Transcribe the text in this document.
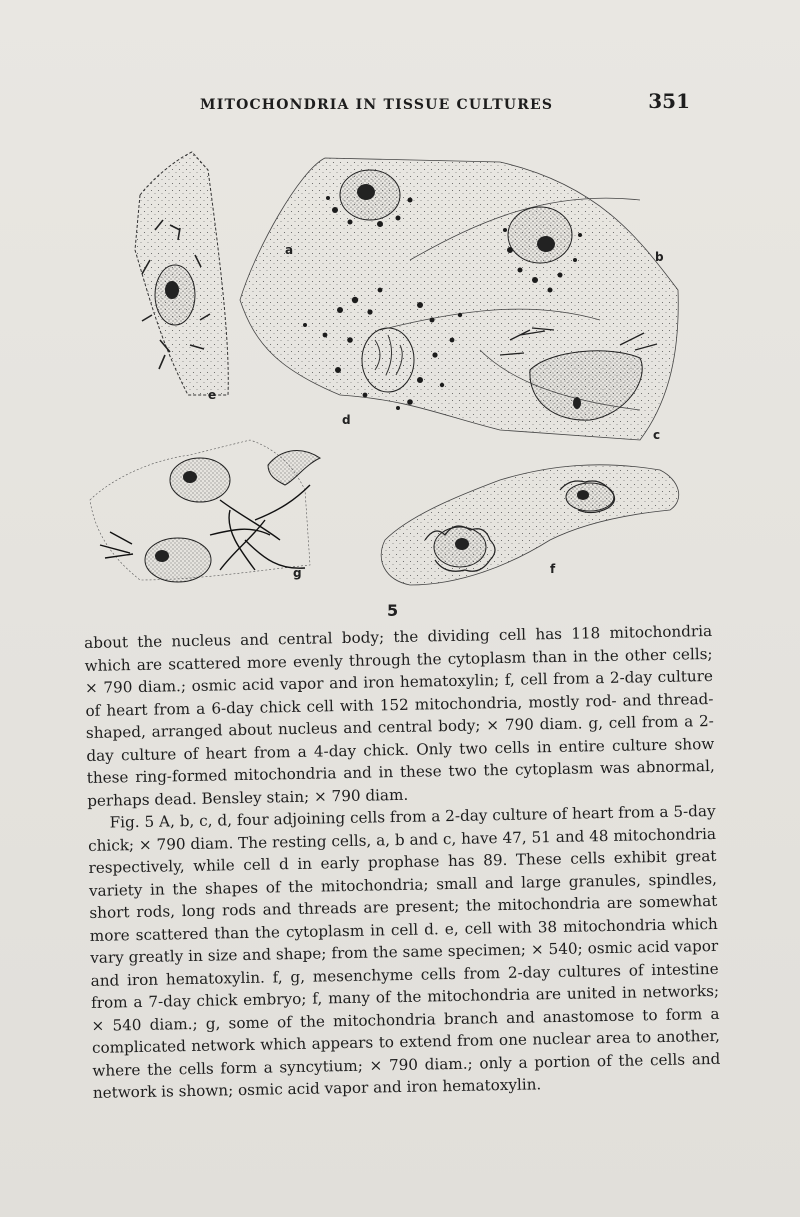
MITOCHONDRIA IN TISSUE CULTURES	351
a	b
c
d
e
f
g
5

about the nucleus and central body; the dividing cell has 118 mitochondria which are scattered more evenly through the cytoplasm than in the other cells; × 790 diam.; osmic acid vapor and iron hematoxylin; f, cell from a 2-day culture of heart from a 6-day chick cell with 152 mitochondria, mostly rod- and thread-shaped, arranged about nucleus and central body; × 790 diam. g, cell from a 2-day culture of heart from a 4-day chick. Only two cells in entire culture show these ring-formed mitochondria and in these two the cytoplasm was abnormal, perhaps dead. Bensley stain; × 790 diam.

Fig. 5 A, b, c, d, four adjoining cells from a 2-day culture of heart from a 5-day chick; × 790 diam. The resting cells, a, b and c, have 47, 51 and 48 mitochondria respectively, while cell d in early prophase has 89. These cells exhibit great variety in the shapes of the mitochondria; small and large granules, spindles, short rods, long rods and threads are present; the mitochondria are somewhat more scattered than the cytoplasm in cell d. e, cell with 38 mitochondria which vary greatly in size and shape; from the same specimen; × 540; osmic acid vapor and iron hematoxylin. f, g, mesenchyme cells from 2-day cultures of intestine from a 7-day chick embryo; f, many of the mitochondria are united in networks; × 540 diam.; g, some of the mitochondria branch and anastomose to form a complicated network which appears to extend from one nuclear area to another, where the cells form a syncytium; × 790 diam.; only a portion of the cells and network is shown; osmic acid vapor and iron hematoxylin.
